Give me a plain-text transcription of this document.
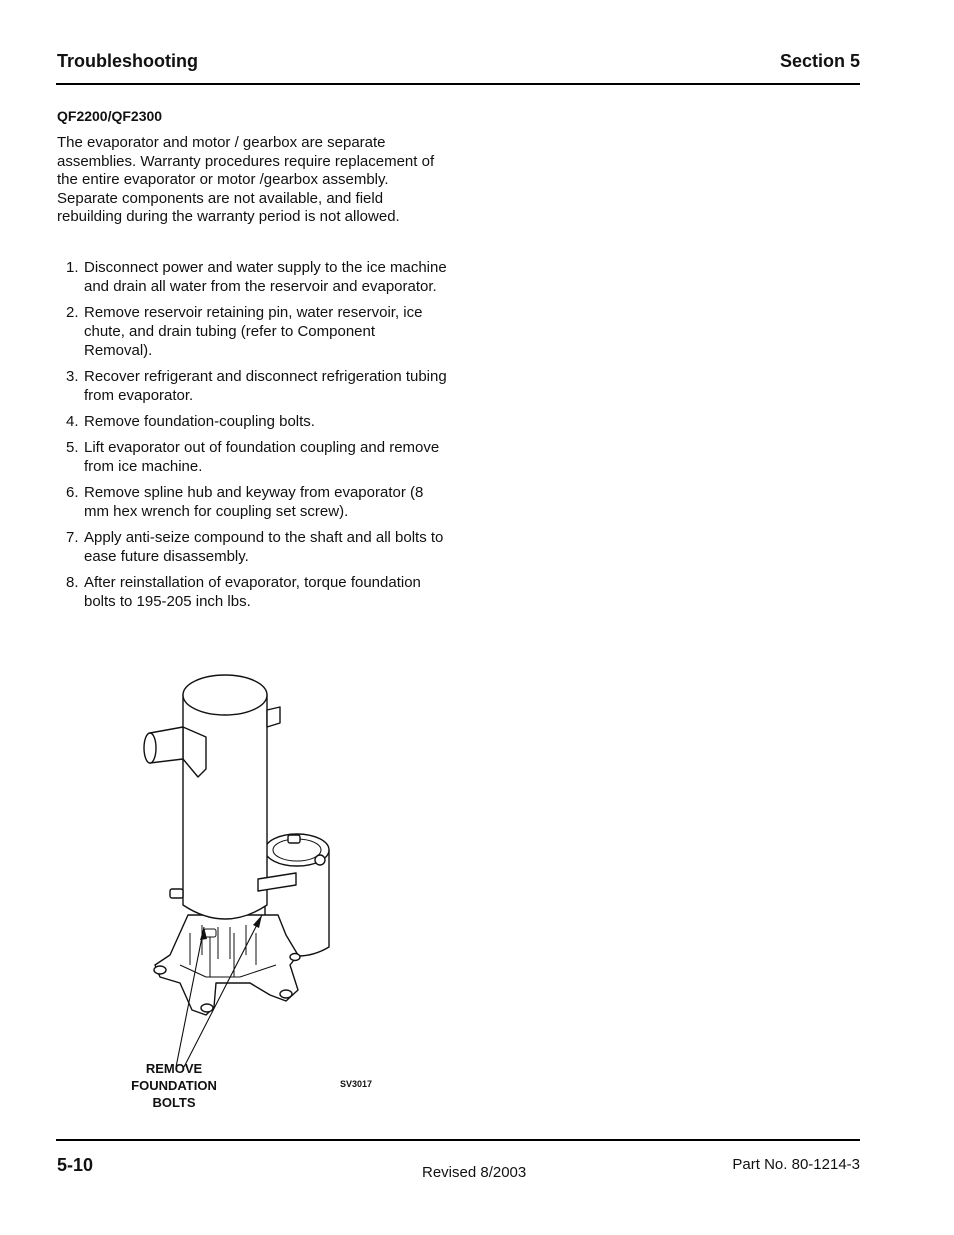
Troubleshooting	Section 5
QF2200/QF2300

The evaporator and motor / gearbox are separate assemblies. Warranty procedures require replacement of the entire evaporator or motor /gearbox assembly. Separate components are not available, and field rebuilding during the warranty period is not allowed.

1. Disconnect power and water supply to the ice machine and drain all water from the reservoir and evaporator.
2. Remove reservoir retaining pin, water reservoir, ice chute, and drain tubing (refer to Component Removal).
3. Recover refrigerant and disconnect refrigeration tubing from evaporator.
4. Remove foundation-coupling bolts.
5. Lift evaporator out of foundation coupling and remove from ice machine.
6. Remove spline hub and keyway from evaporator (8 mm hex wrench for coupling set screw).
7. Apply anti-seize compound to the shaft and all bolts to ease future disassembly.
8. After reinstallation of evaporator, torque foundation bolts to 195-205 inch lbs.
REMOVE
FOUNDATION
BOLTS
SV3017
5-10	Revised 8/2003	Part No. 80-1214-3
